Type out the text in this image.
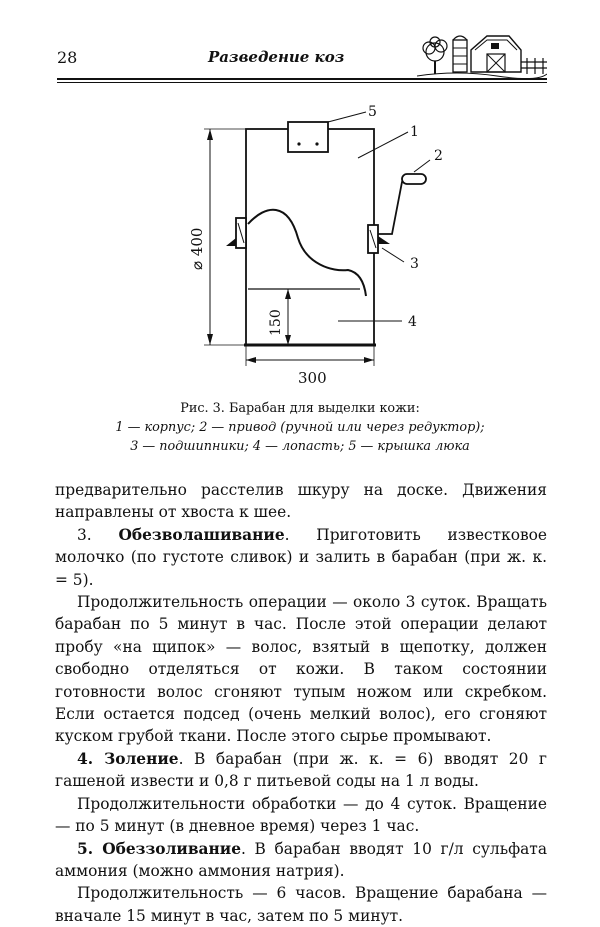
28	Разведение коз
⌀ 400
150
300
5
1
2
3
4
Рис. 3. Барабан для выделки кожи:
1 — корпус; 2 — привод (ручной или через редуктор);
3 — подшипники; 4 — лопасть; 5 — крышка люка

предварительно расстелив шкуру на доске. Движения направлены от хвоста к шее.

3. Обезволашивание. Приготовить известковое молочко (по густоте сливок) и залить в барабан (при ж. к. = 5).

Продолжительность операции — около 3 суток. Вращать барабан по 5 минут в час. После этой операции делают пробу «на щипок» — волос, взятый в щепотку, должен свободно отделяться от кожи. В таком состоянии готовности волос сгоняют тупым ножом или скребком. Если остается подсед (очень мелкий волос), его сгоняют куском грубой ткани. После этого сырье промывают.

4. Золение. В барабан (при ж. к. = 6) вводят 20 г гашеной извести и 0,8 г питьевой соды на 1 л воды.

Продолжительности обработки — до 4 суток. Вращение — по 5 минут (в дневное время) через 1 час.

5. Обеззоливание. В барабан вводят 10 г/л сульфата аммония (можно аммония натрия).

Продолжительность — 6 часов. Вращение барабана — вначале 15 минут в час, затем по 5 минут.
